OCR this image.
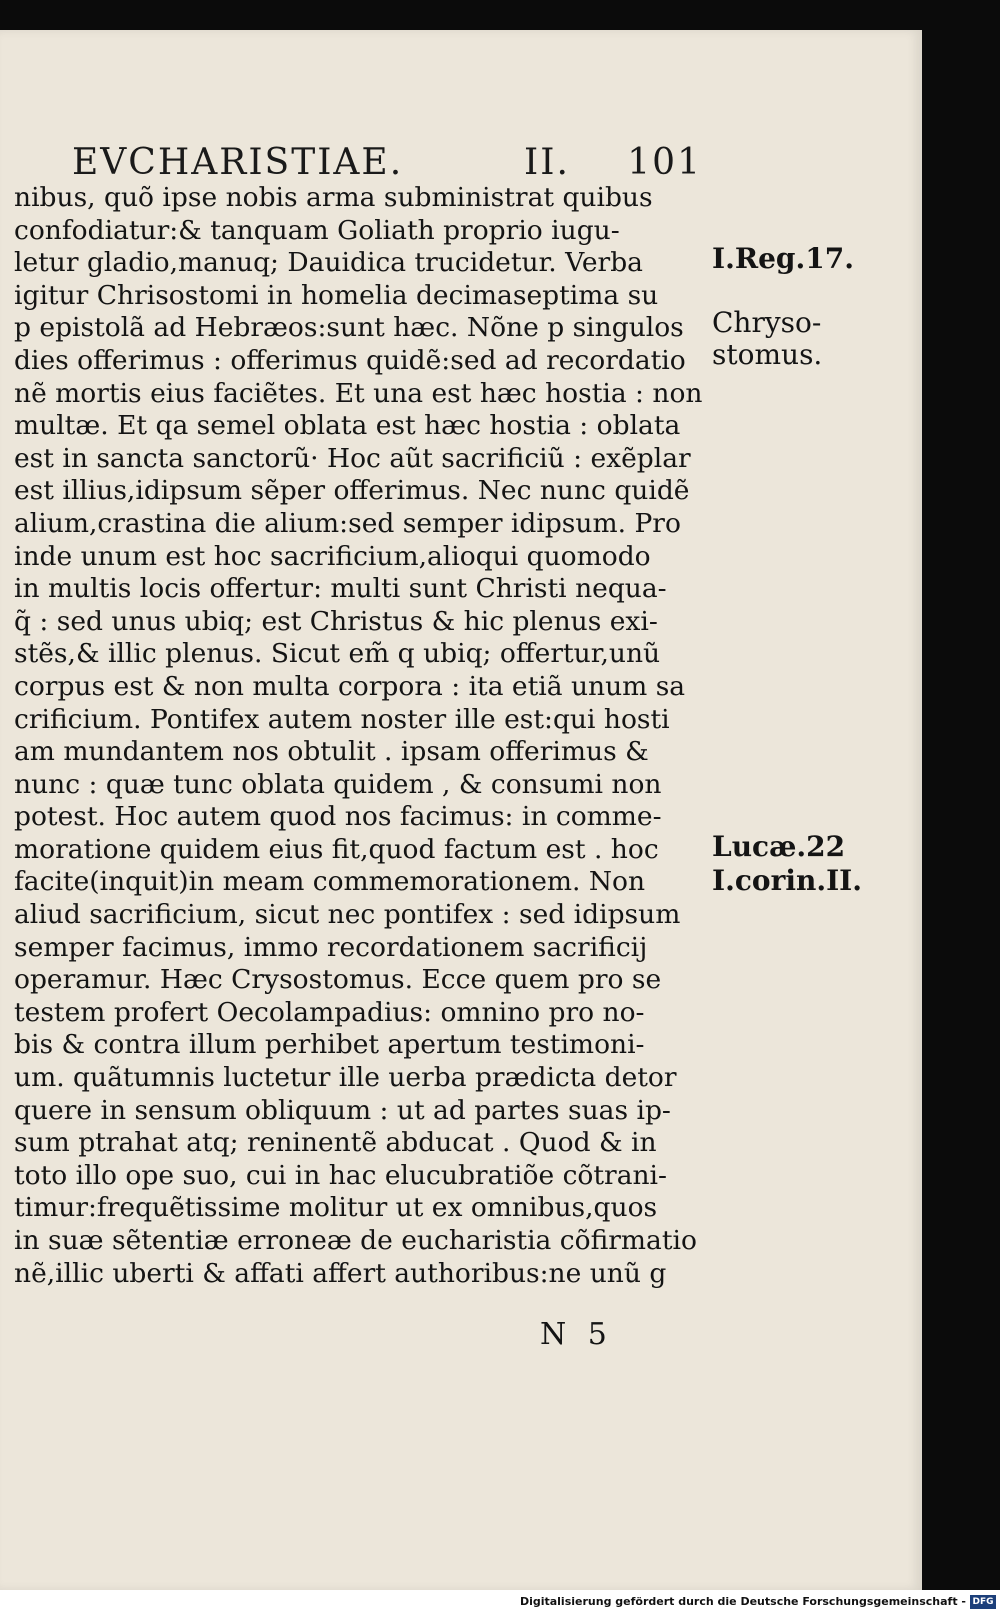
EVCHARISTIAE.	II. 101
nibus, quõ ipse nobis arma subministrat quibus
confodiatur:& tanquam Goliath proprio iugu-
letur gladio,manuq; Dauidica trucidetur. Verba
igitur Chrisostomi in homelia decimaseptima su
p epistolã ad Hebræos:sunt hæc. Nõne p singulos
dies offerimus : offerimus quidẽ:sed ad recordatio
nẽ mortis eius faciẽtes. Et una est hæc hostia : non
multæ. Et qa semel oblata est hæc hostia : oblata
est in sancta sanctorũ· Hoc aũt sacrificiũ : exẽplar
est illius,idipsum sẽper offerimus. Nec nunc quidẽ
alium,crastina die alium:sed semper idipsum. Pro
inde unum est hoc sacrificium,alioqui quomodo
in multis locis offertur: multi sunt Christi nequa-
q̃ : sed unus ubiq; est Christus & hic plenus exi-
stẽs,& illic plenus. Sicut em̃ q ubiq; offertur,unũ
corpus est & non multa corpora : ita etiã unum sa
crificium. Pontifex autem noster ille est:qui hosti
am mundantem nos obtulit . ipsam offerimus &
nunc : quæ tunc oblata quidem , & consumi non
potest. Hoc autem quod nos facimus: in comme-
moratione quidem eius fit,quod factum est . hoc
facite(inquit)in meam commemorationem. Non
aliud sacrificium, sicut nec pontifex : sed idipsum
semper facimus, immo recordationem sacrificij
operamur. Hæc Crysostomus. Ecce quem pro se
testem profert Oecolampadius: omnino pro no-
bis & contra illum perhibet apertum testimoni-
um. quãtumnis luctetur ille uerba prædicta detor
quere in sensum obliquum : ut ad partes suas ip-
sum ptrahat atq; reninentẽ abducat . Quod & in
toto illo ope suo, cui in hac elucubratiõe cõtrani-
timur:frequẽtissime molitur ut ex omnibus,quos
in suæ sẽtentiæ erroneæ de eucharistia cõfirmatio
nẽ,illic uberti & affati affert authoribus:ne unũ g
I.Reg.17.
Chryso-
stomus.
Lucæ.22
I.corin.II.
N 5
Digitalisierung gefördert durch die Deutsche Forschungsgemeinschaft - DFG
